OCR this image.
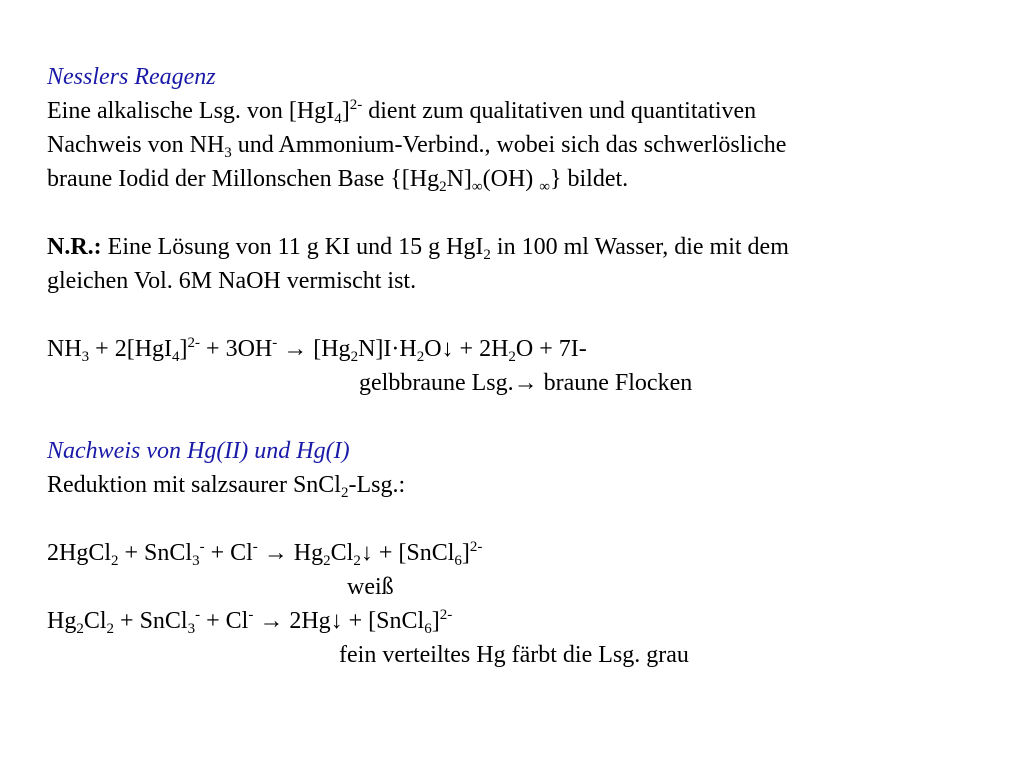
Nesslers Reagenz
Eine alkalische Lsg. von $[HgI_4]^{2-}$ dient zum qualitativen und quantitativen
Nachweis von $NH_3$ und Ammonium-Verbind., wobei sich das schwerlösliche
braune Iodid der Millonschen Base {$[Hg_2N]_\infty(OH)$ $_\infty$} bildet.
N.R.: Eine Lösung von 11 g KI und 15 g HgI$_2$ in 100 ml Wasser, die mit dem
gleichen Vol. 6M NaOH vermischt ist.
$NH_3 + 2[HgI_4]^{2-} + 3OH^-$ → $[Hg_2N]I\cdot H_2O↓ + 2H_2O + 7I-$
gelbbraune Lsg.→ braune Flocken
Nachweis von Hg(II) und Hg(I)
Reduktion mit salzsaurer SnCl$_2$-Lsg.:
2HgCl$_2$ + SnCl$_3$- + $Cl^- \to Hg_2Cl_2↓$ + [SnCl$_6$]$^{2-}$
weiß
$Hg_2Cl_2$ + SnCl$_3$- + Cl- → 2Hg↓ + [SnCl$_6$]$^{2-}$
fein verteiltes Hg färbt die Lsg. grau
